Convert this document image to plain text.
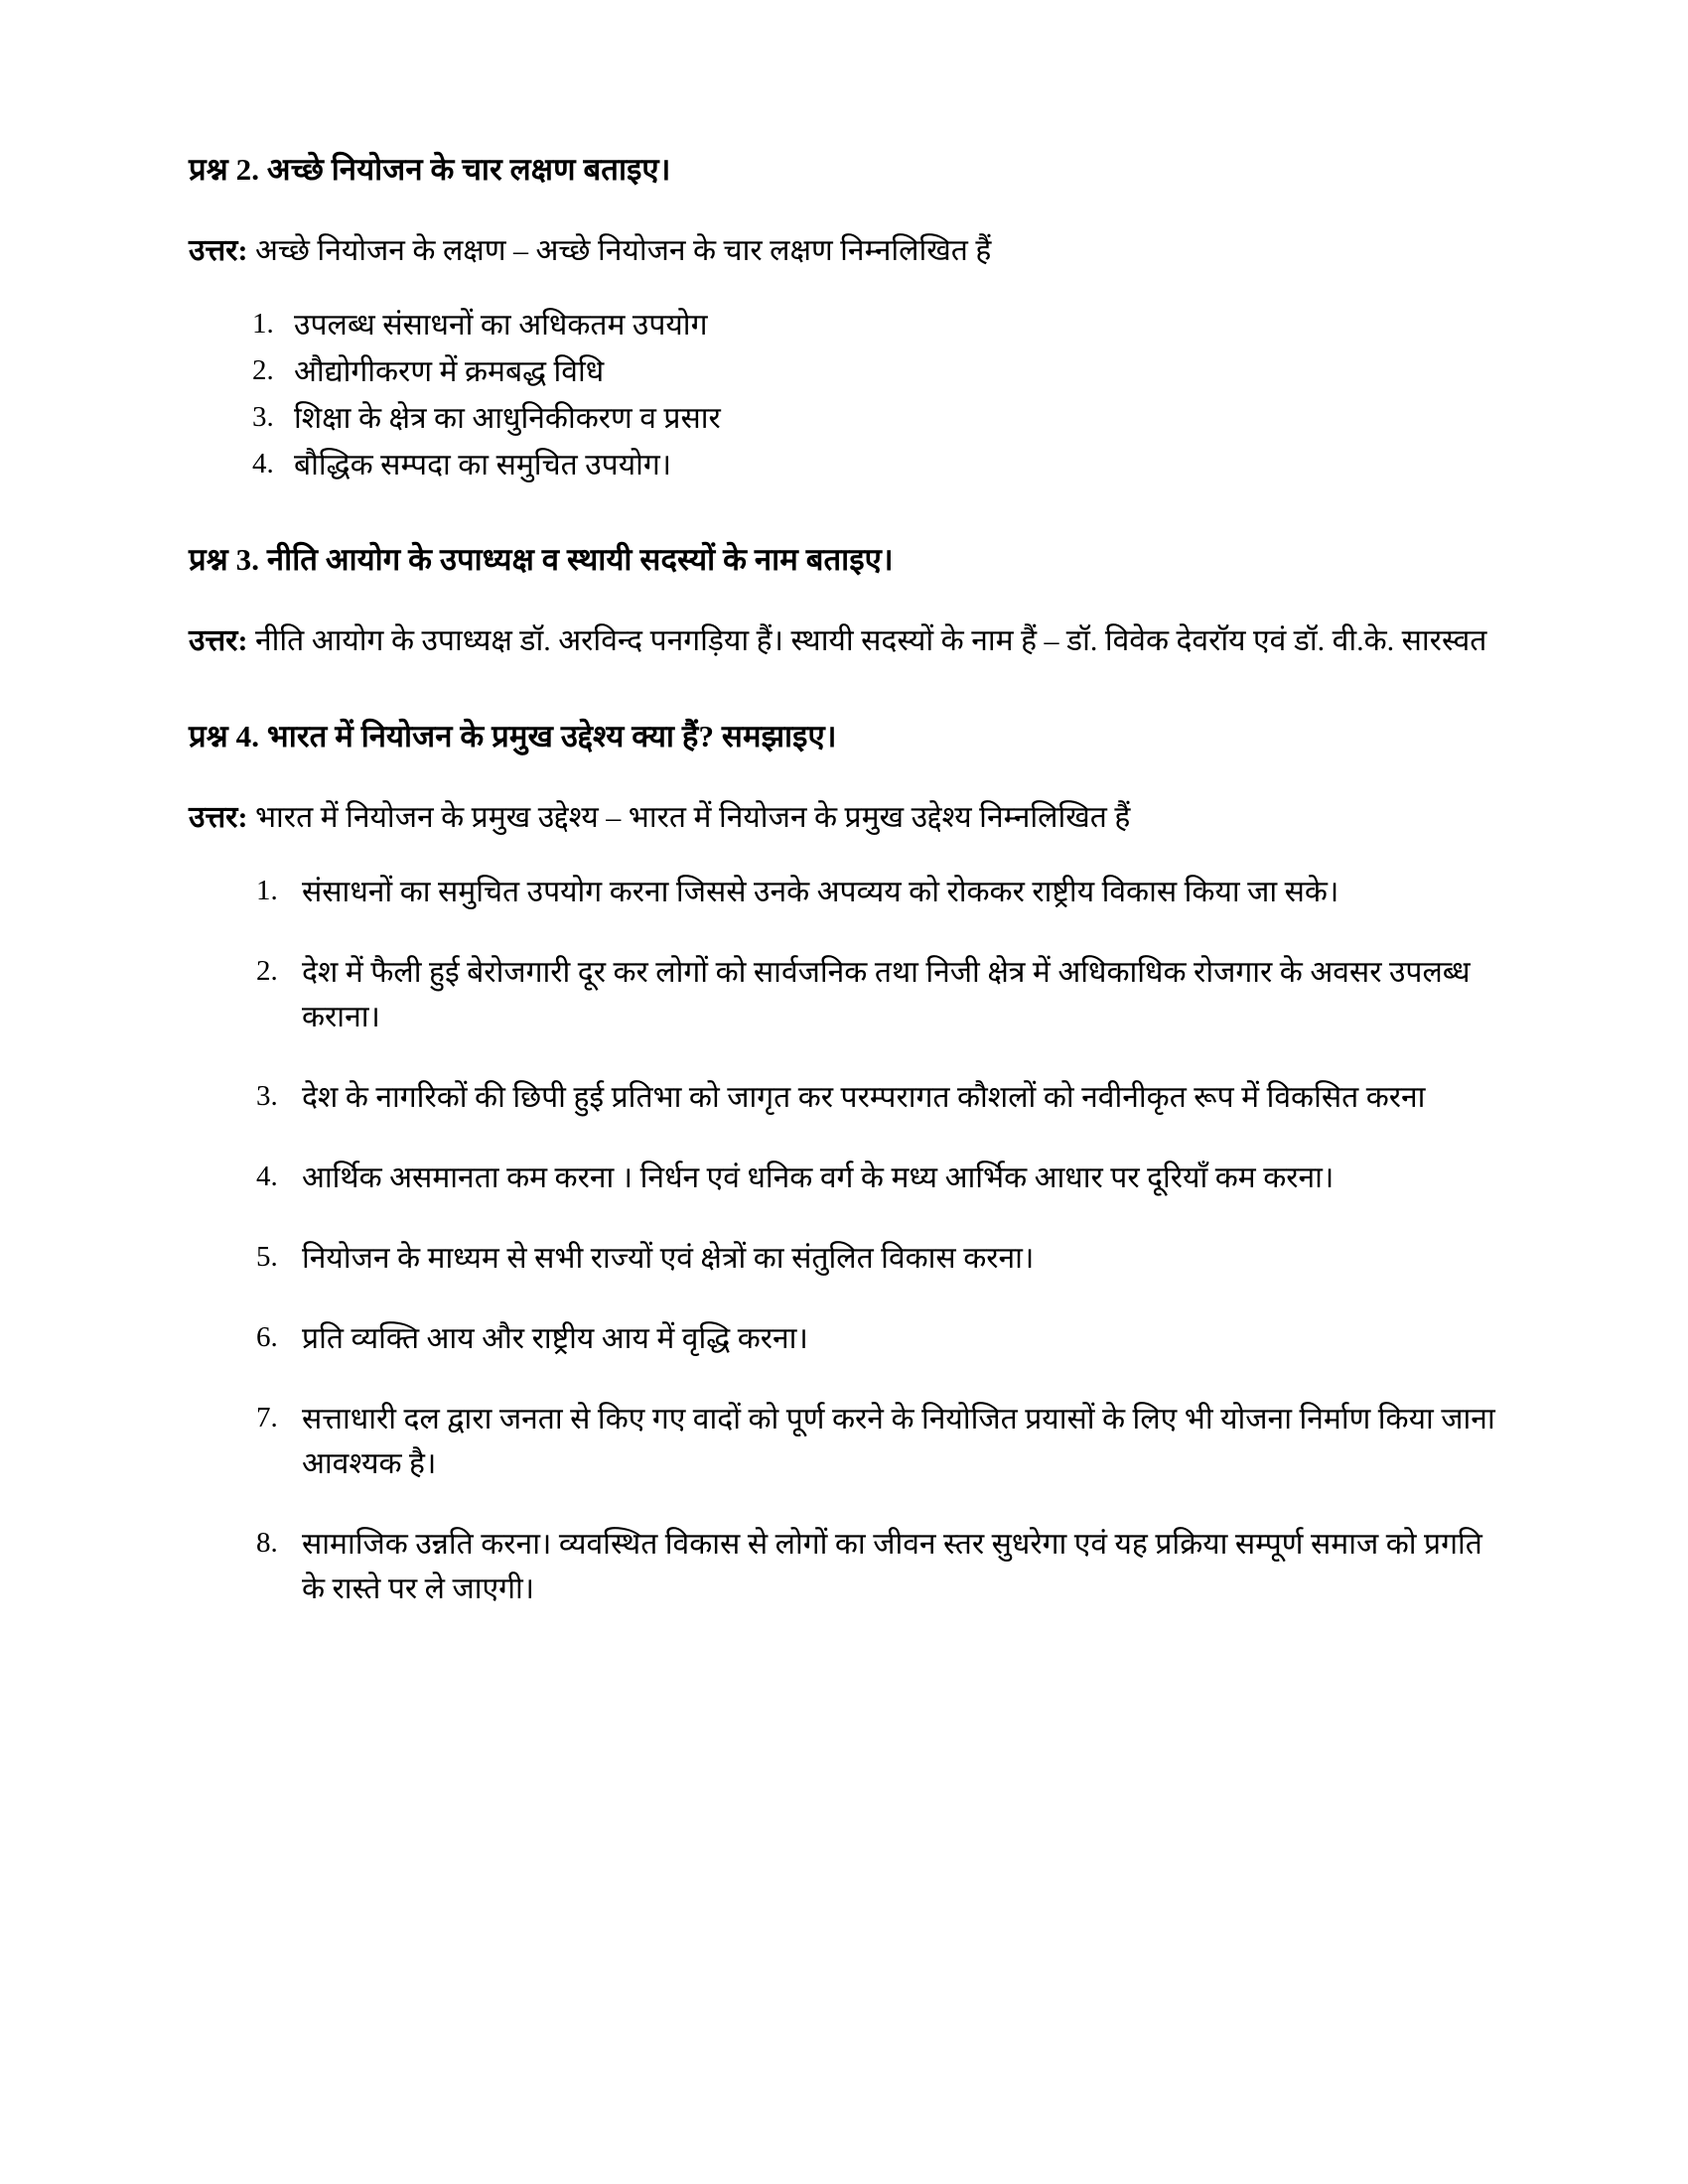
प्रश्न 2. अच्छे नियोजन के चार लक्षण बताइए।

उत्तर: अच्छे नियोजन के लक्षण – अच्छे नियोजन के चार लक्षण निम्नलिखित हैं

उपलब्ध संसाधनों का अधिकतम उपयोग
औद्योगीकरण में क्रमबद्ध विधि
शिक्षा के क्षेत्र का आधुनिकीकरण व प्रसार
बौद्धिक सम्पदा का समुचित उपयोग।
प्रश्न 3. नीति आयोग के उपाध्यक्ष व स्थायी सदस्यों के नाम बताइए।

उत्तर: नीति आयोग के उपाध्यक्ष डॉ. अरविन्द पनगड़िया हैं। स्थायी सदस्यों के नाम हैं – डॉ. विवेक देवरॉय एवं डॉ. वी.के. सारस्वत

प्रश्न 4. भारत में नियोजन के प्रमुख उद्देश्य क्या हैं? समझाइए।

उत्तर: भारत में नियोजन के प्रमुख उद्देश्य – भारत में नियोजन के प्रमुख उद्देश्य निम्नलिखित हैं

संसाधनों का समुचित उपयोग करना जिससे उनके अपव्यय को रोककर राष्ट्रीय विकास किया जा सके।
देश में फैली हुई बेरोजगारी दूर कर लोगों को सार्वजनिक तथा निजी क्षेत्र में अधिकाधिक रोजगार के अवसर उपलब्ध कराना।
देश के नागरिकों की छिपी हुई प्रतिभा को जागृत कर परम्परागत कौशलों को नवीनीकृत रूप में विकसित करना
आर्थिक असमानता कम करना । निर्धन एवं धनिक वर्ग के मध्य आर्भिक आधार पर दूरियाँ कम करना।
नियोजन के माध्यम से सभी राज्यों एवं क्षेत्रों का संतुलित विकास करना।
प्रति व्यक्ति आय और राष्ट्रीय आय में वृद्धि करना।
सत्ताधारी दल द्वारा जनता से किए गए वादों को पूर्ण करने के नियोजित प्रयासों के लिए भी योजना निर्माण किया जाना आवश्यक है।
सामाजिक उन्नति करना। व्यवस्थित विकास से लोगों का जीवन स्तर सुधरेगा एवं यह प्रक्रिया सम्पूर्ण समाज को प्रगति के रास्ते पर ले जाएगी।
